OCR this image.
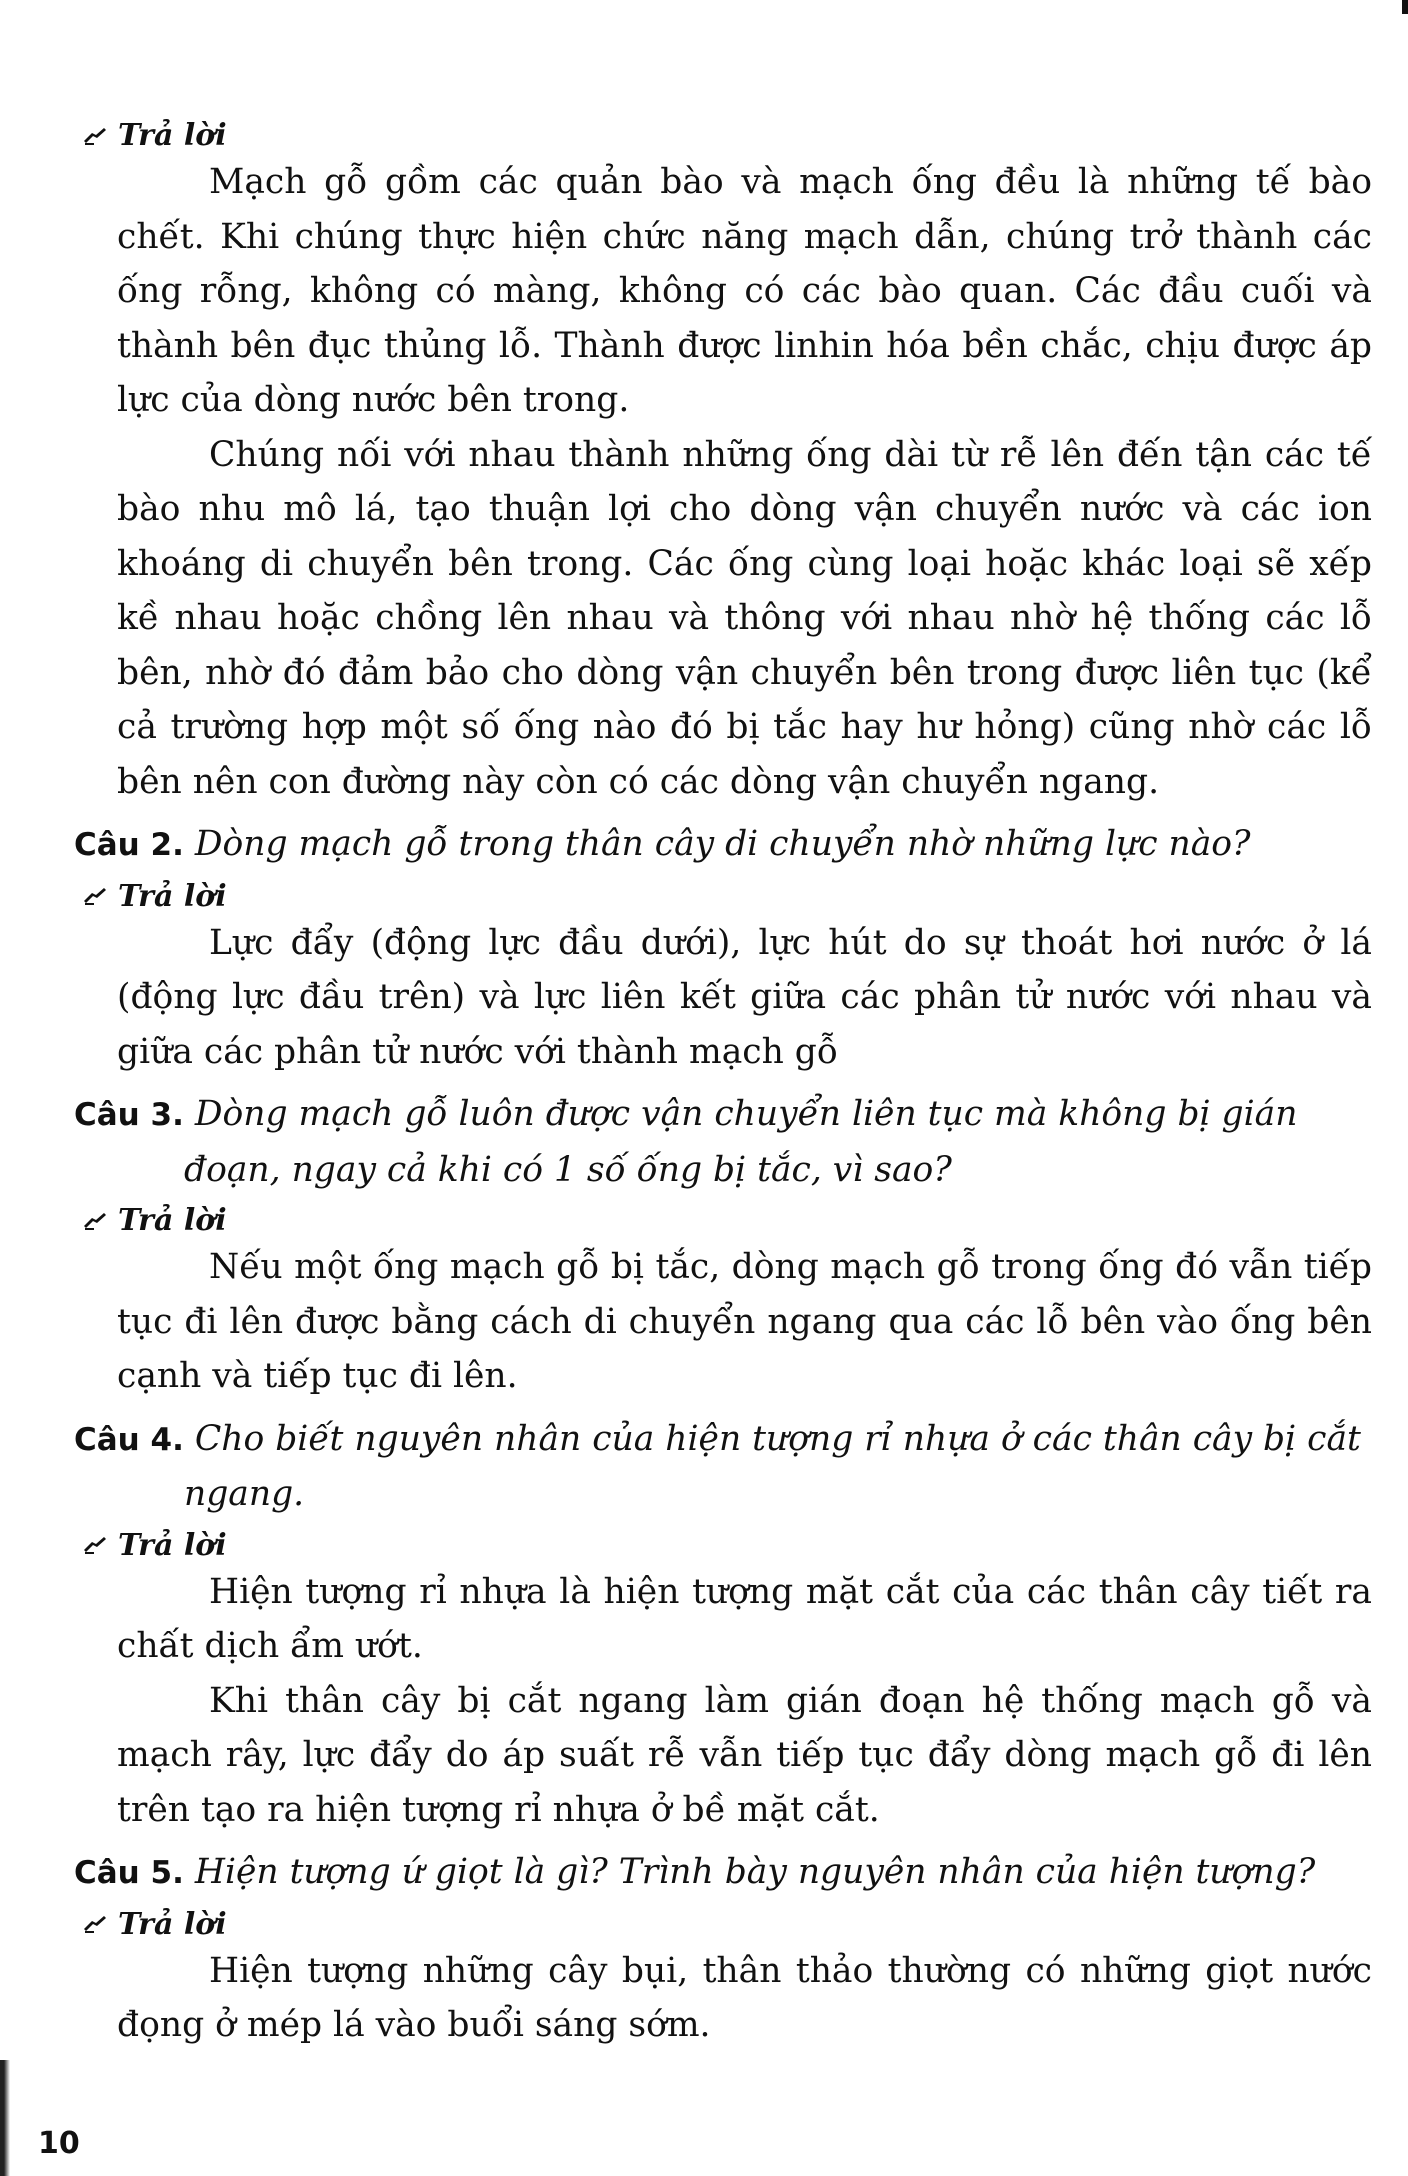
Trả lời

Mạch gỗ gồm các quản bào và mạch ống đều là những tế bào chết. Khi chúng thực hiện chức năng mạch dẫn, chúng trở thành các ống rỗng, không có màng, không có các bào quan. Các đầu cuối và thành bên đục thủng lỗ. Thành được linhin hóa bền chắc, chịu được áp lực của dòng nước bên trong.

Chúng nối với nhau thành những ống dài từ rễ lên đến tận các tế bào nhu mô lá, tạo thuận lợi cho dòng vận chuyển nước và các ion khoáng di chuyển bên trong. Các ống cùng loại hoặc khác loại sẽ xếp kề nhau hoặc chồng lên nhau và thông với nhau nhờ hệ thống các lỗ bên, nhờ đó đảm bảo cho dòng vận chuyển bên trong được liên tục (kể cả trường hợp một số ống nào đó bị tắc hay hư hỏng) cũng nhờ các lỗ bên nên con đường này còn có các dòng vận chuyển ngang.

Câu 2. Dòng mạch gỗ trong thân cây di chuyển nhờ những lực nào?
Trả lời

Lực đẩy (động lực đầu dưới), lực hút do sự thoát hơi nước ở lá (động lực đầu trên) và lực liên kết giữa các phân tử nước với nhau và giữa các phân tử nước với thành mạch gỗ

Câu 3. Dòng mạch gỗ luôn được vận chuyển liên tục mà không bị gián đoạn, ngay cả khi có 1 số ống bị tắc, vì sao?
Trả lời

Nếu một ống mạch gỗ bị tắc, dòng mạch gỗ trong ống đó vẫn tiếp tục đi lên được bằng cách di chuyển ngang qua các lỗ bên vào ống bên cạnh và tiếp tục đi lên.

Câu 4. Cho biết nguyên nhân của hiện tượng rỉ nhựa ở các thân cây bị cắt ngang.
Trả lời

Hiện tượng rỉ nhựa là hiện tượng mặt cắt của các thân cây tiết ra chất dịch ẩm ướt.

Khi thân cây bị cắt ngang làm gián đoạn hệ thống mạch gỗ và mạch rây, lực đẩy do áp suất rễ vẫn tiếp tục đẩy dòng mạch gỗ đi lên trên tạo ra hiện tượng rỉ nhựa ở bề mặt cắt.

Câu 5. Hiện tượng ứ giọt là gì? Trình bày nguyên nhân của hiện tượng?
Trả lời

Hiện tượng những cây bụi, thân thảo thường có những giọt nước đọng ở mép lá vào buổi sáng sớm.

10
